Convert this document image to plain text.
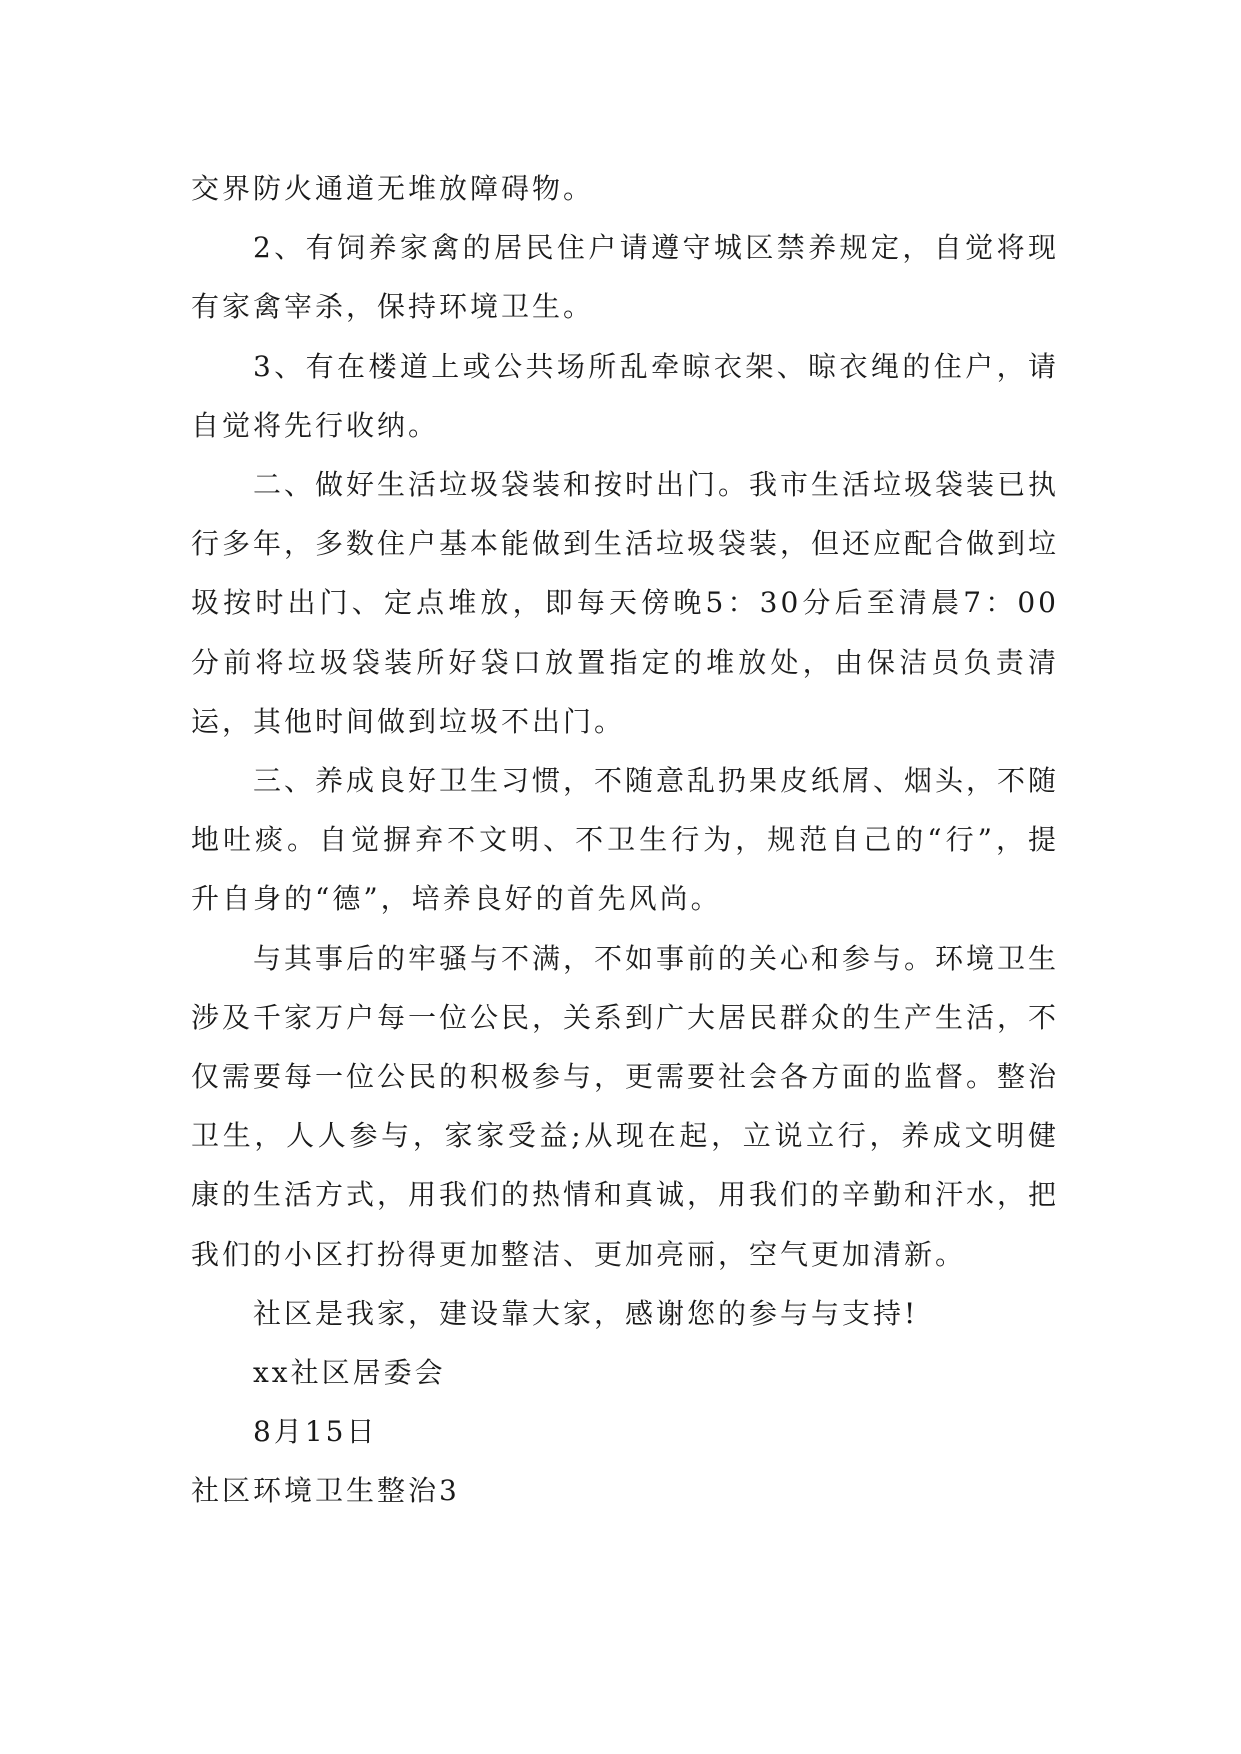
交界防火通道无堆放障碍物。

2、有饲养家禽的居民住户请遵守城区禁养规定，自觉将现有家禽宰杀，保持环境卫生。

3、有在楼道上或公共场所乱牵晾衣架、晾衣绳的住户，请自觉将先行收纳。

二、做好生活垃圾袋装和按时出门。我市生活垃圾袋装已执行多年，多数住户基本能做到生活垃圾袋装，但还应配合做到垃圾按时出门、定点堆放，即每天傍晚5：30分后至清晨7：00分前将垃圾袋装所好袋口放置指定的堆放处，由保洁员负责清运，其他时间做到垃圾不出门。

三、养成良好卫生习惯，不随意乱扔果皮纸屑、烟头，不随地吐痰。自觉摒弃不文明、不卫生行为，规范自己的“行”，提升自身的“德”，培养良好的首先风尚。

与其事后的牢骚与不满，不如事前的关心和参与。环境卫生涉及千家万户每一位公民，关系到广大居民群众的生产生活，不仅需要每一位公民的积极参与，更需要社会各方面的监督。整治卫生，人人参与，家家受益;从现在起，立说立行，养成文明健康的生活方式，用我们的热情和真诚，用我们的辛勤和汗水，把我们的小区打扮得更加整洁、更加亮丽，空气更加清新。

社区是我家，建设靠大家，感谢您的参与与支持!

xx社区居委会

8月15日

社区环境卫生整治3
